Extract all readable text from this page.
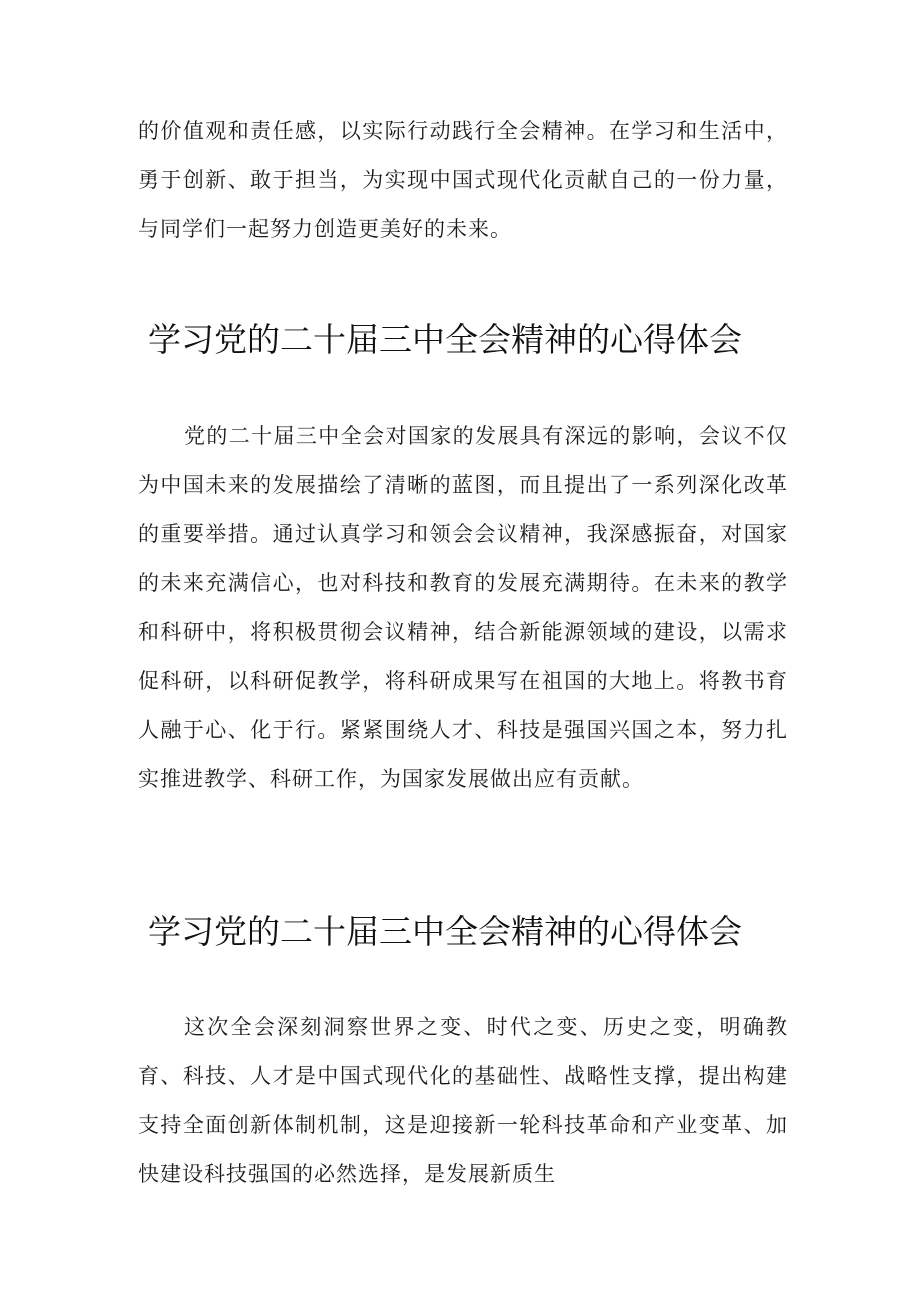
的价值观和责任感，以实际行动践行全会精神。在学习和生活中，勇于创新、敢于担当，为实现中国式现代化贡献自己的一份力量，与同学们一起努力创造更美好的未来。

学习党的二十届三中全会精神的心得体会

党的二十届三中全会对国家的发展具有深远的影响，会议不仅为中国未来的发展描绘了清晰的蓝图，而且提出了一系列深化改革的重要举措。通过认真学习和领会会议精神，我深感振奋，对国家的未来充满信心，也对科技和教育的发展充满期待。在未来的教学和科研中，将积极贯彻会议精神，结合新能源领域的建设，以需求促科研，以科研促教学，将科研成果写在祖国的大地上。将教书育人融于心、化于行。紧紧围绕人才、科技是强国兴国之本，努力扎实推进教学、科研工作，为国家发展做出应有贡献。

学习党的二十届三中全会精神的心得体会

这次全会深刻洞察世界之变、时代之变、历史之变，明确教育、科技、人才是中国式现代化的基础性、战略性支撑，提出构建支持全面创新体制机制，这是迎接新一轮科技革命和产业变革、加快建设科技强国的必然选择，是发展新质生
